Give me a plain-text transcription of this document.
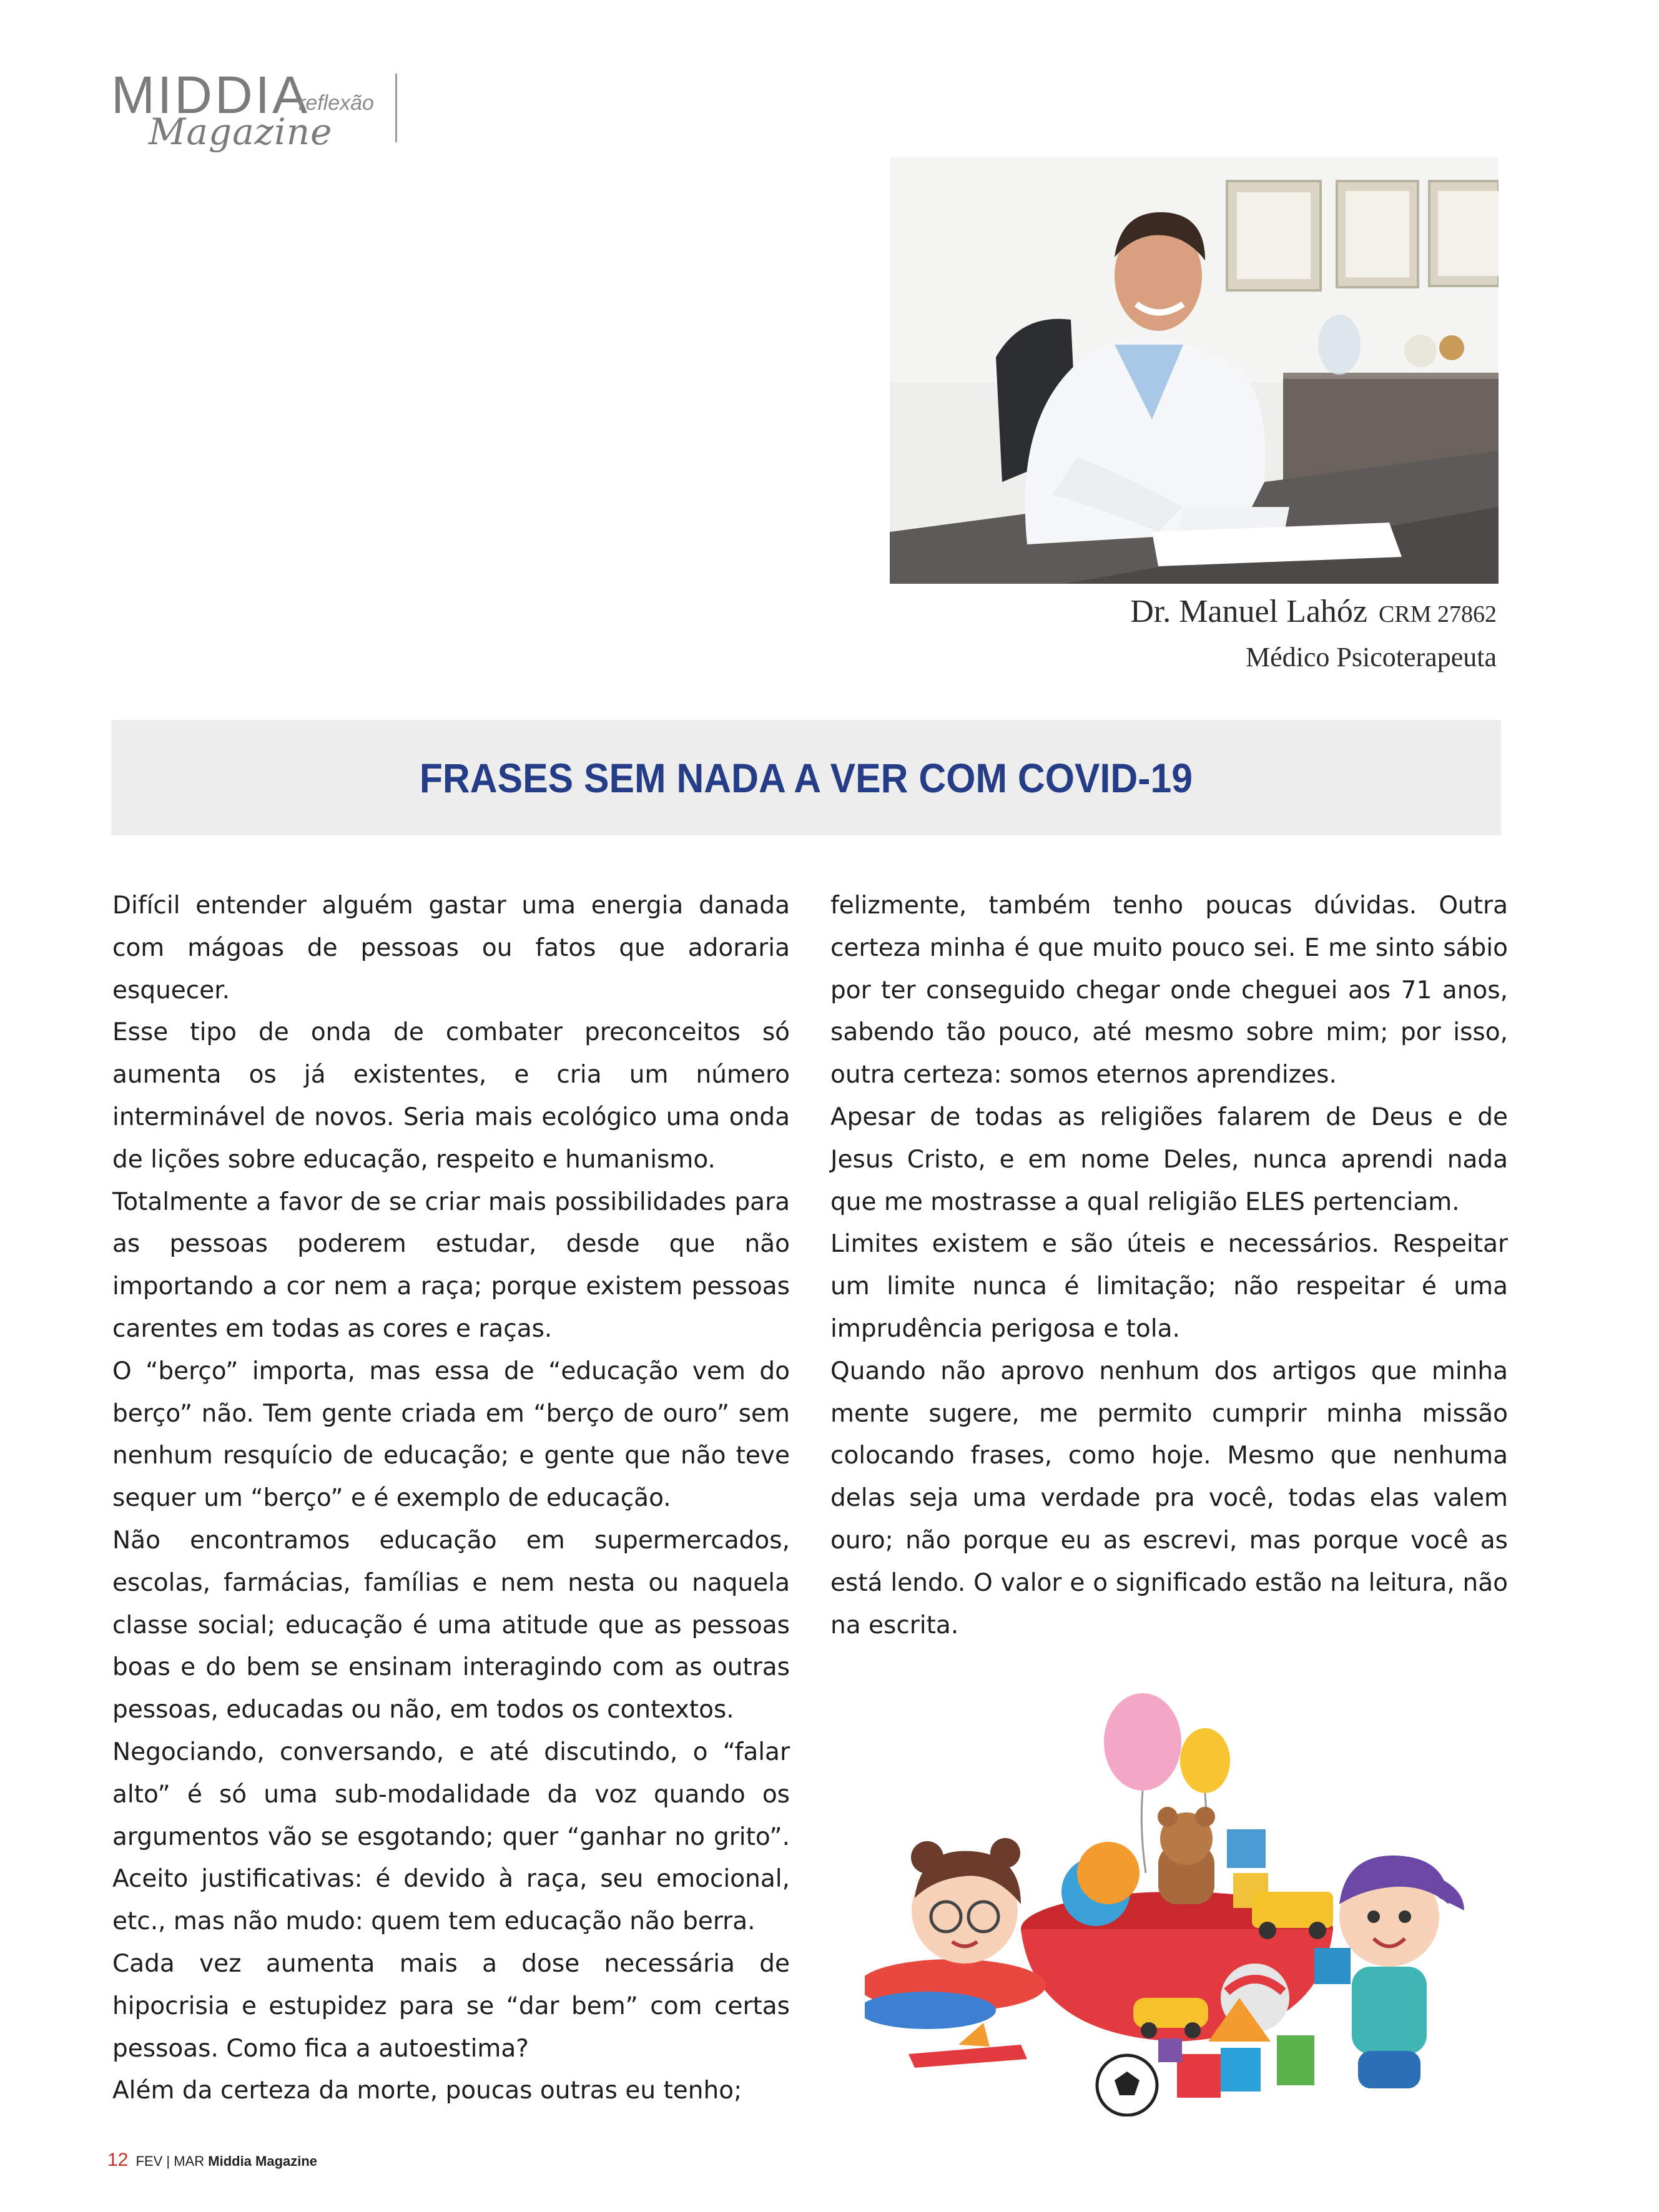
MIDDIA
Magazine
reflexão
Dr. Manuel Lahóz CRM 27862
Médico Psicoterapeuta
FRASES SEM NADA A VER COM COVID-19

Difícil entender alguém gastar uma energia danada com mágoas de pessoas ou fatos que adoraria esquecer.

Esse tipo de onda de combater preconceitos só aumenta os já existentes, e cria um número interminável de novos. Seria mais ecológico uma onda de lições sobre educação, respeito e humanismo.

Totalmente a favor de se criar mais possibilidades para as pessoas poderem estudar, desde que não importando a cor nem a raça; porque existem pessoas carentes em todas as cores e raças.

O “berço” importa, mas essa de “educação vem do berço” não. Tem gente criada em “berço de ouro” sem nenhum resquício de educação; e gente que não teve sequer um “berço” e é exemplo de educação.

Não encontramos educação em supermercados, escolas, farmácias, famílias e nem nesta ou naquela classe social; educação é uma atitude que as pessoas boas e do bem se ensinam interagindo com as outras pessoas, educadas ou não, em todos os contextos.

Negociando, conversando, e até discutindo, o “falar alto” é só uma sub-modalidade da voz quando os argumentos vão se esgotando; quer “ganhar no grito”. Aceito justificativas: é devido à raça, seu emocional, etc., mas não mudo: quem tem educação não berra.

Cada vez aumenta mais a dose necessária de hipocrisia e estupidez para se “dar bem” com certas pessoas. Como fica a autoestima?

Além da certeza da morte, poucas outras eu tenho;

felizmente, também tenho poucas dúvidas. Outra certeza minha é que muito pouco sei. E me sinto sábio por ter conseguido chegar onde cheguei aos 71 anos, sabendo tão pouco, até mesmo sobre mim; por isso, outra certeza: somos eternos aprendizes.

Apesar de todas as religiões falarem de Deus e de Jesus Cristo, e em nome Deles, nunca aprendi nada que me mostrasse a qual religião ELES pertenciam.

Limites existem e são úteis e necessários. Respeitar um limite nunca é limitação; não respeitar é uma imprudência perigosa e tola.

Quando não aprovo nenhum dos artigos que minha mente sugere, me permito cumprir minha missão colocando frases, como hoje. Mesmo que nenhuma delas seja uma verdade pra você, todas elas valem ouro; não porque eu as escrevi, mas porque você as está lendo. O valor e o significado estão na leitura, não na escrita.

12 FEV | MAR Middia Magazine
